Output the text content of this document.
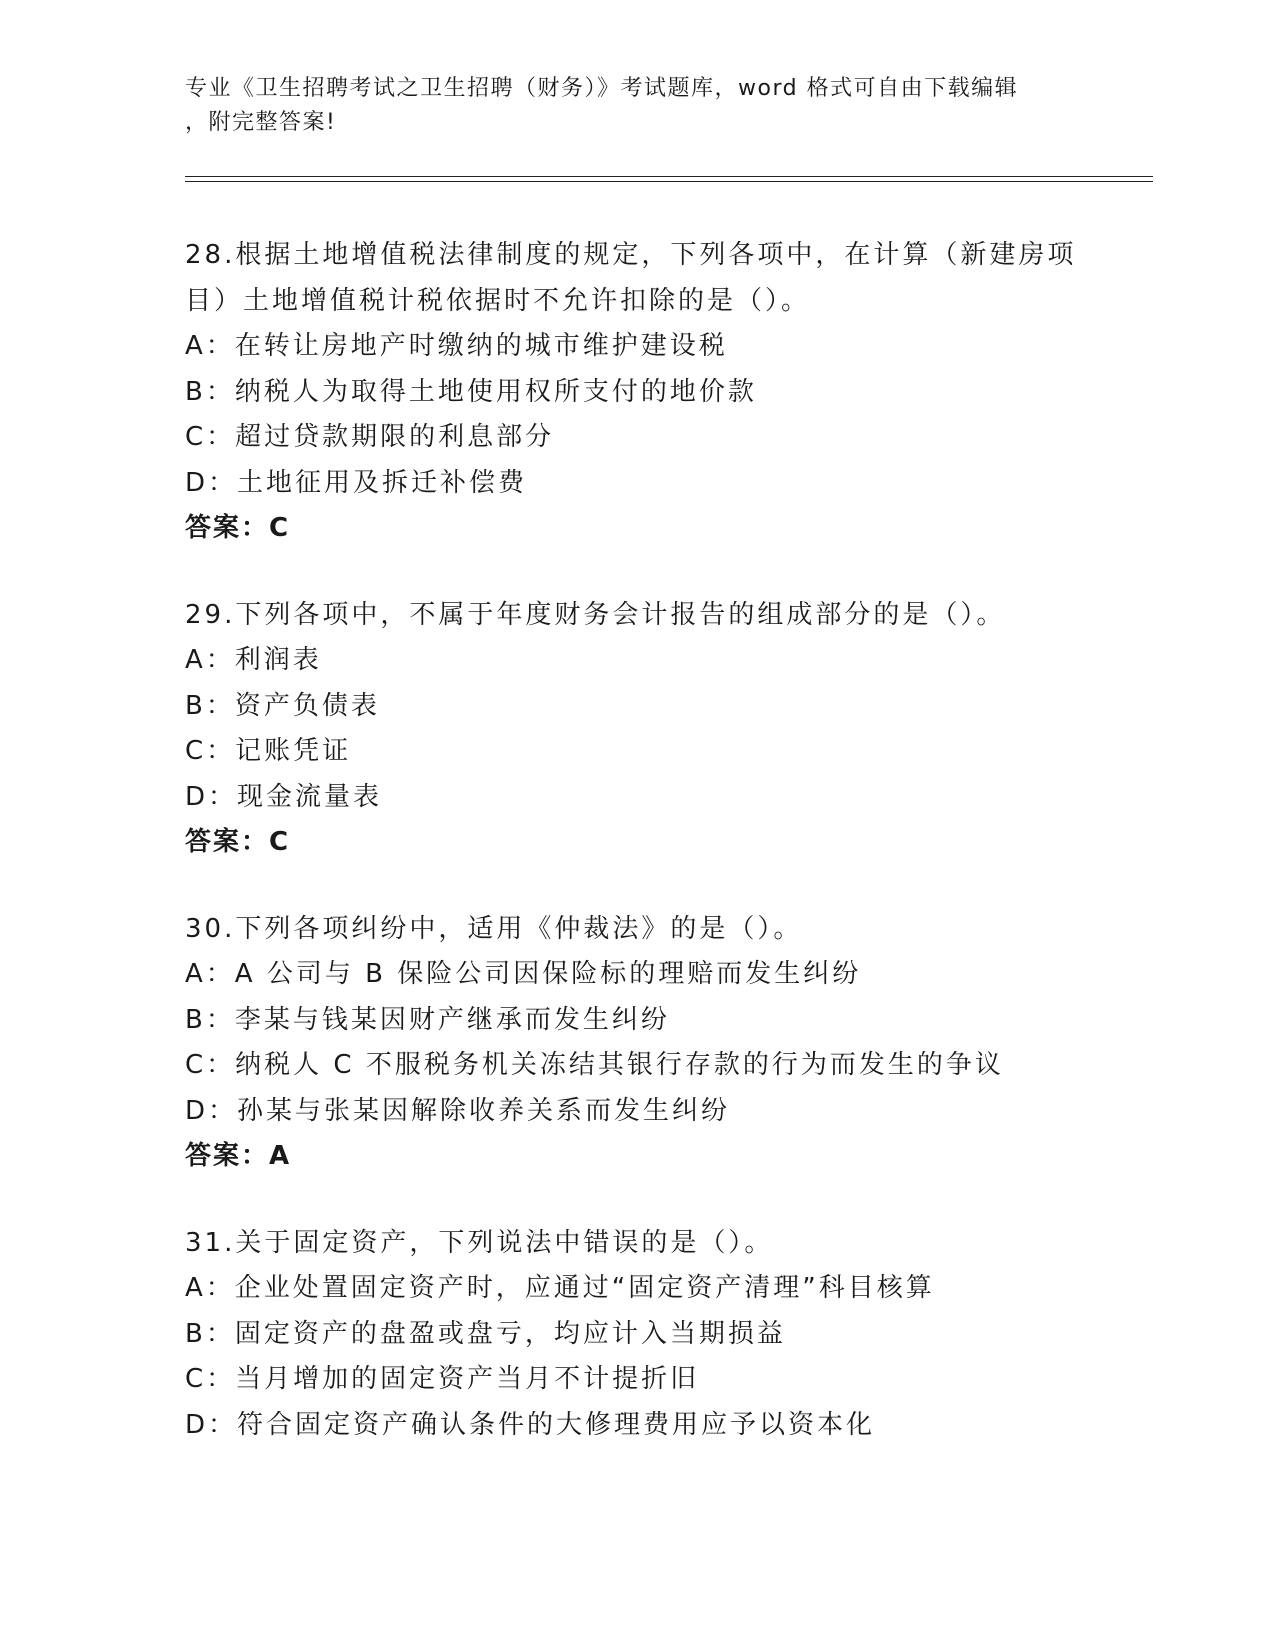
专业《卫生招聘考试之卫生招聘（财务）》考试题库，word 格式可自由下载编辑
，附完整答案!
28.根据土地增值税法律制度的规定，下列各项中，在计算（新建房项
目）土地增值税计税依据时不允许扣除的是（）。
A：在转让房地产时缴纳的城市维护建设税
B：纳税人为取得土地使用权所支付的地价款
C：超过贷款期限的利息部分
D：土地征用及拆迁补偿费
答案：C
29.下列各项中，不属于年度财务会计报告的组成部分的是（）。
A：利润表
B：资产负债表
C：记账凭证
D：现金流量表
答案：C
30.下列各项纠纷中，适用《仲裁法》的是（）。
A：A 公司与 B 保险公司因保险标的理赔而发生纠纷
B：李某与钱某因财产继承而发生纠纷
C：纳税人 C 不服税务机关冻结其银行存款的行为而发生的争议
D：孙某与张某因解除收养关系而发生纠纷
答案：A
31.关于固定资产，下列说法中错误的是（）。
A：企业处置固定资产时，应通过“固定资产清理”科目核算
B：固定资产的盘盈或盘亏，均应计入当期损益
C：当月增加的固定资产当月不计提折旧
D：符合固定资产确认条件的大修理费用应予以资本化
